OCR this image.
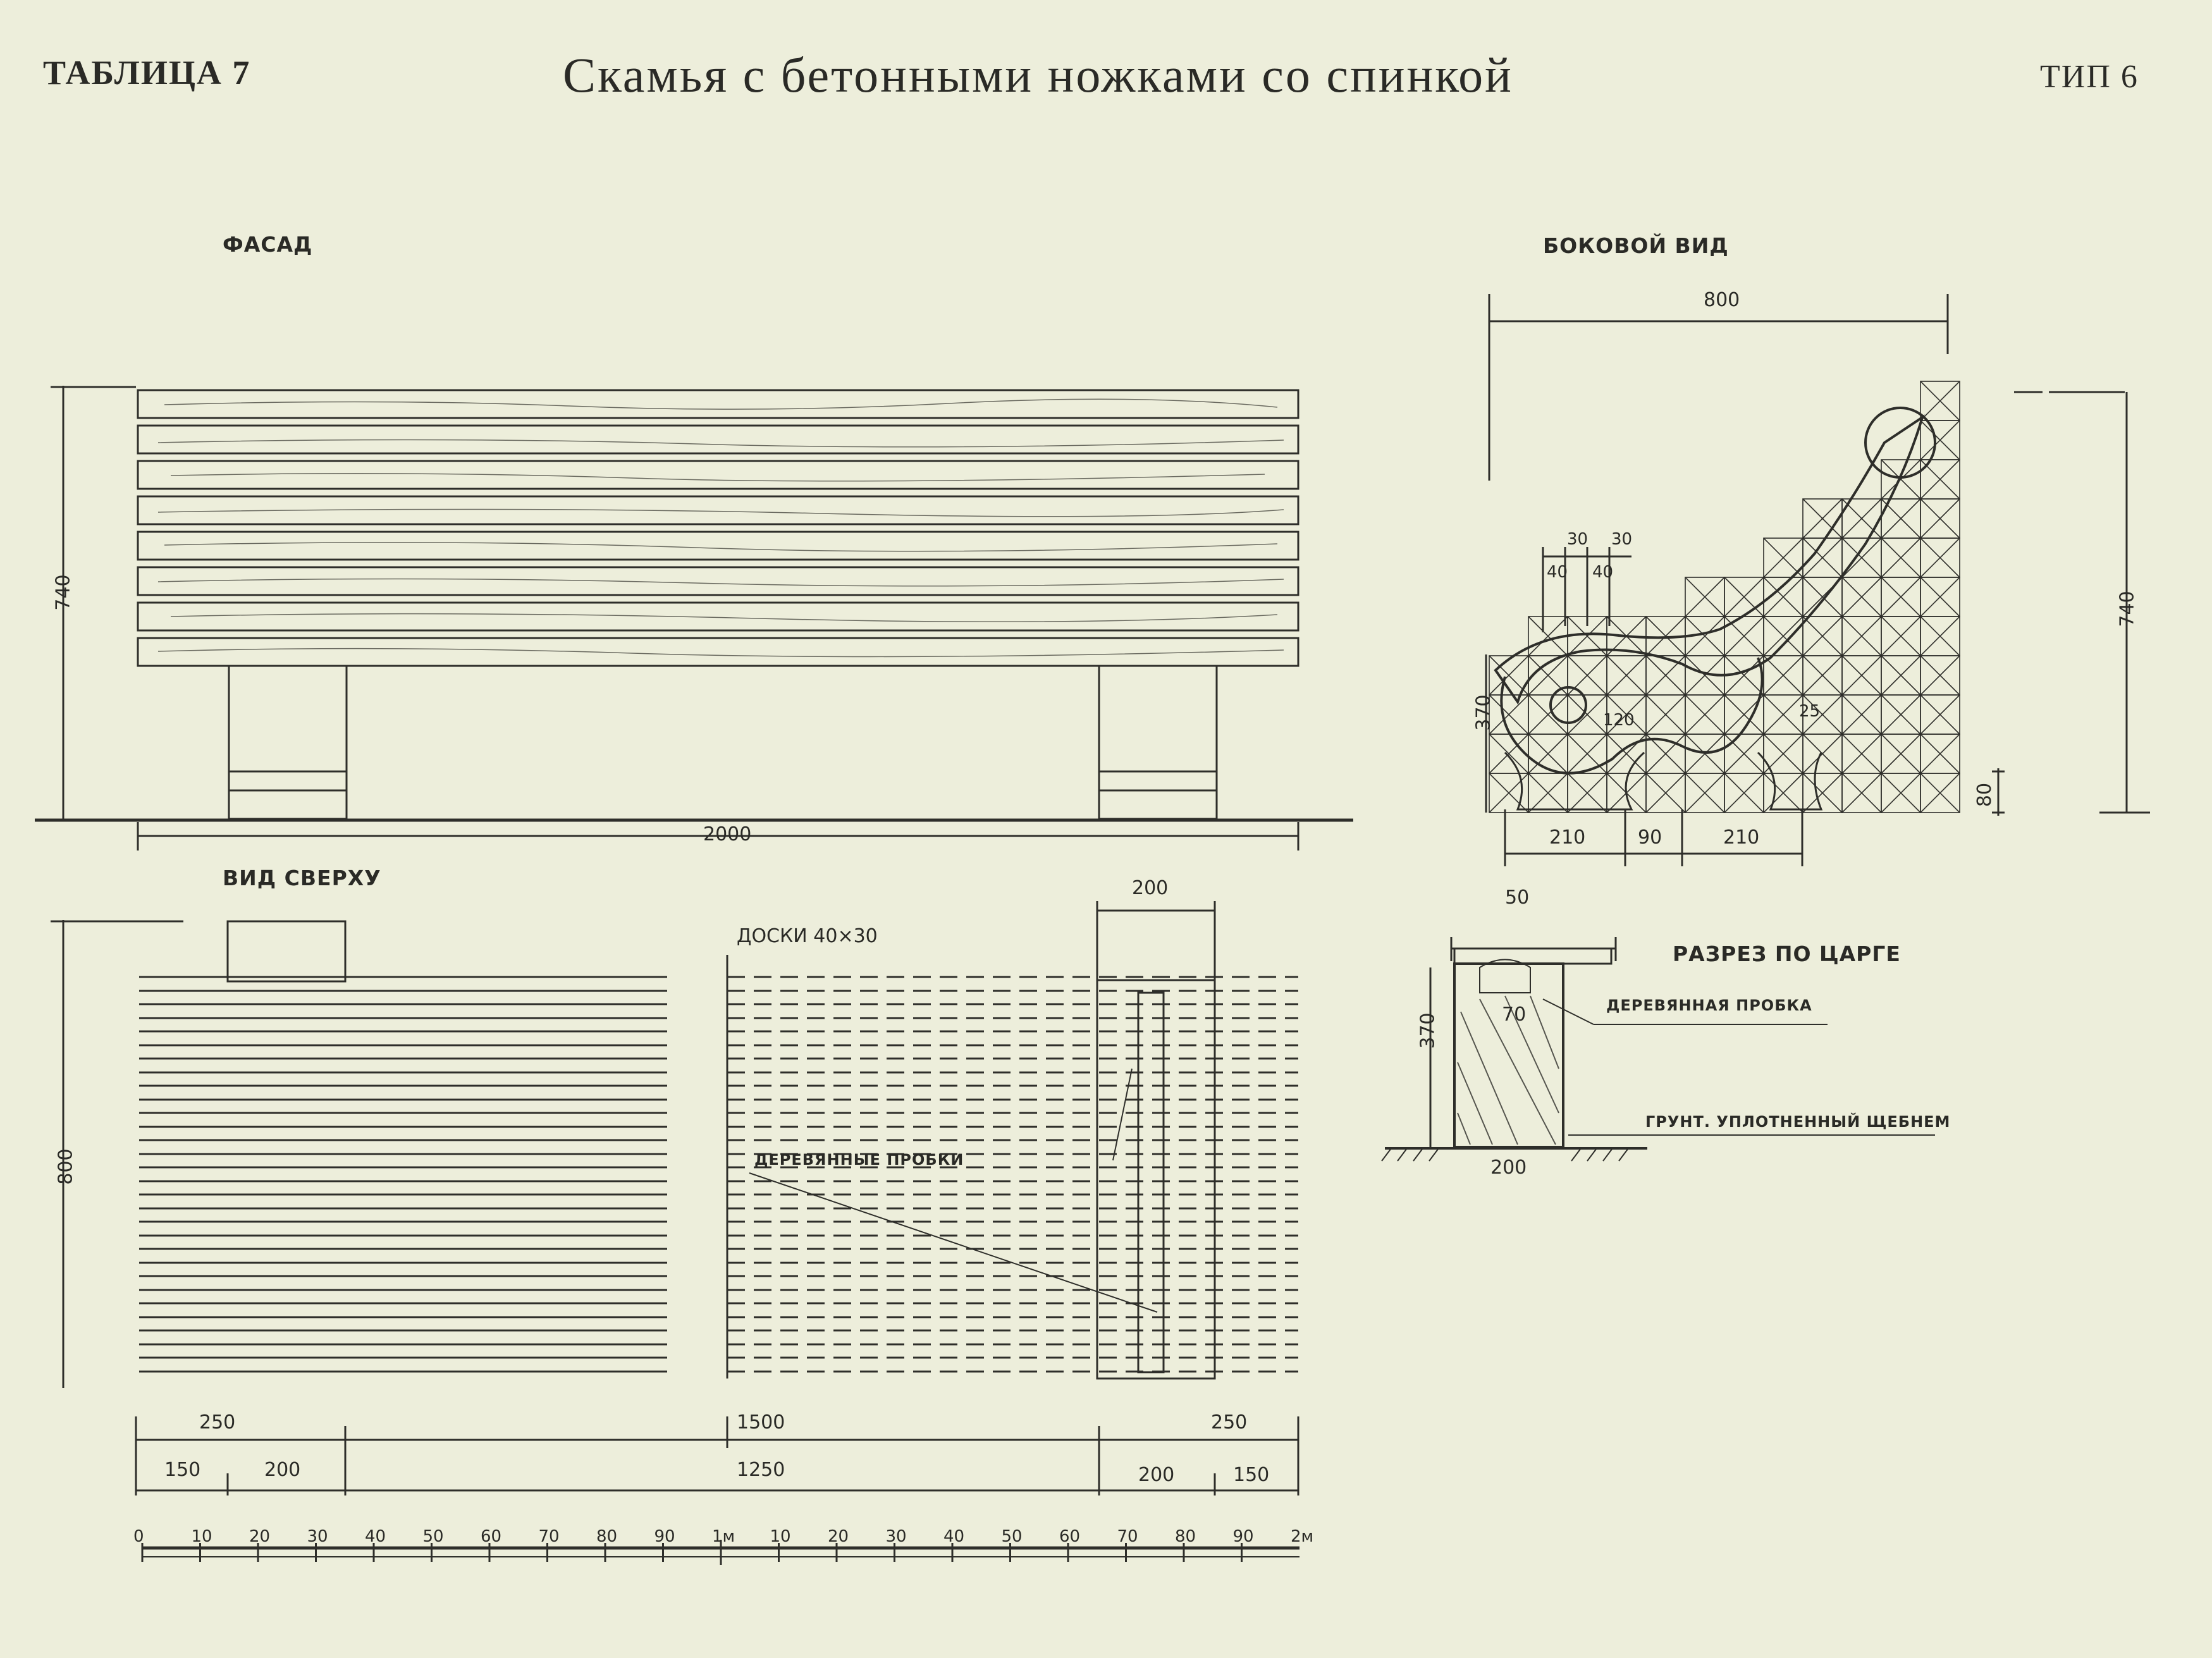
ТАБЛИЦА 7	Скамья с бетонными ножками со спинкой	ТИП 6
ФАСАД
740
2000
ВИД СВЕРХУ
ДОСКИ 40×30
ДЕРЕВЯННЫЕ ПРОБКИ
200
800
250	1500	250
150	200	1250	200	150
БОКОВОЙ ВИД
800
740
370
80
210	90	210
30 30
40 40
120	25
РАЗРЕЗ ПО ЦАРГЕ
50
370	70
200
ДЕРЕВЯННАЯ ПРОБКА
ГРУНТ. УПЛОТНЕННЫЙ ЩЕБНЕМ
0	10 20 30 40 50 60 70 80 90 1м 10 20 30 40 50 60 70 80 90 2м
